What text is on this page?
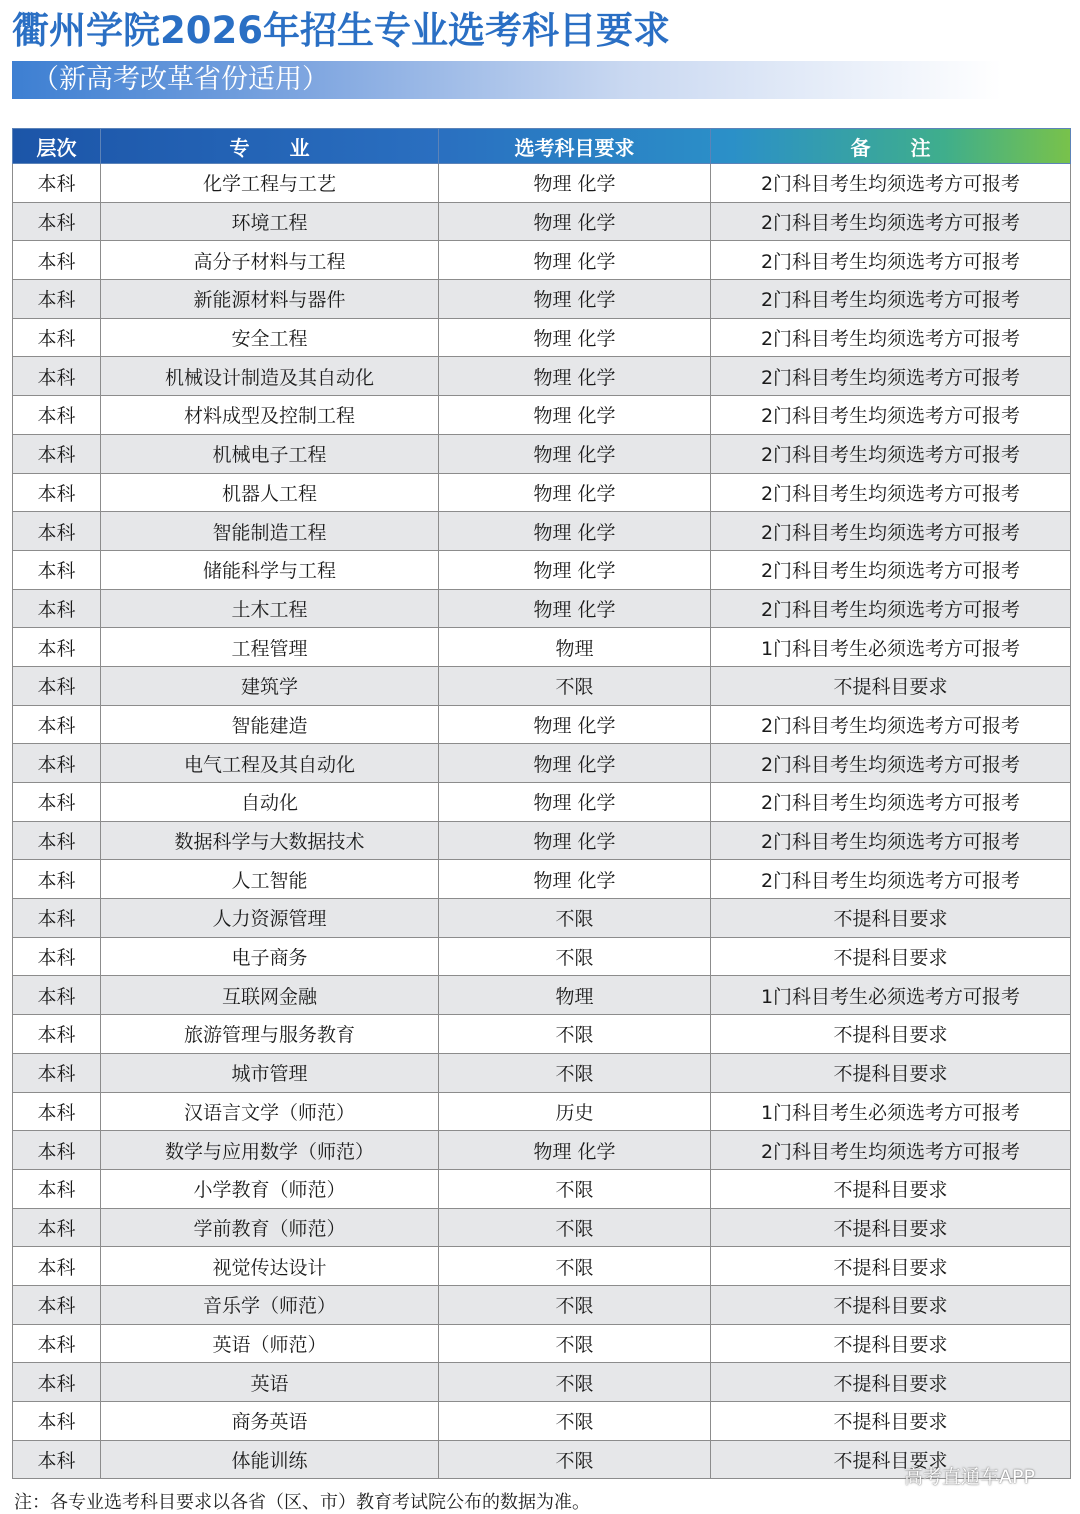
衢州学院2026年招生专业选考科目要求
（新高考改革省份适用）
层次	专　　业	选考科目要求	备　　注
本科	化学工程与工艺	物理 化学	2门科目考生均须选考方可报考
本科	环境工程	物理 化学	2门科目考生均须选考方可报考
本科	高分子材料与工程	物理 化学	2门科目考生均须选考方可报考
本科	新能源材料与器件	物理 化学	2门科目考生均须选考方可报考
本科	安全工程	物理 化学	2门科目考生均须选考方可报考
本科	机械设计制造及其自动化	物理 化学	2门科目考生均须选考方可报考
本科	材料成型及控制工程	物理 化学	2门科目考生均须选考方可报考
本科	机械电子工程	物理 化学	2门科目考生均须选考方可报考
本科	机器人工程	物理 化学	2门科目考生均须选考方可报考
本科	智能制造工程	物理 化学	2门科目考生均须选考方可报考
本科	储能科学与工程	物理 化学	2门科目考生均须选考方可报考
本科	土木工程	物理 化学	2门科目考生均须选考方可报考
本科	工程管理	物理	1门科目考生必须选考方可报考
本科	建筑学	不限	不提科目要求
本科	智能建造	物理 化学	2门科目考生均须选考方可报考
本科	电气工程及其自动化	物理 化学	2门科目考生均须选考方可报考
本科	自动化	物理 化学	2门科目考生均须选考方可报考
本科	数据科学与大数据技术	物理 化学	2门科目考生均须选考方可报考
本科	人工智能	物理 化学	2门科目考生均须选考方可报考
本科	人力资源管理	不限	不提科目要求
本科	电子商务	不限	不提科目要求
本科	互联网金融	物理	1门科目考生必须选考方可报考
本科	旅游管理与服务教育	不限	不提科目要求
本科	城市管理	不限	不提科目要求
本科	汉语言文学（师范）	历史	1门科目考生必须选考方可报考
本科	数学与应用数学（师范）	物理 化学	2门科目考生均须选考方可报考
本科	小学教育（师范）	不限	不提科目要求
本科	学前教育（师范）	不限	不提科目要求
本科	视觉传达设计	不限	不提科目要求
本科	音乐学（师范）	不限	不提科目要求
本科	英语（师范）	不限	不提科目要求
本科	英语	不限	不提科目要求
本科	商务英语	不限	不提科目要求
本科	体能训练	不限	不提科目要求
高考直通车APP
注：各专业选考科目要求以各省（区、市）教育考试院公布的数据为准。
